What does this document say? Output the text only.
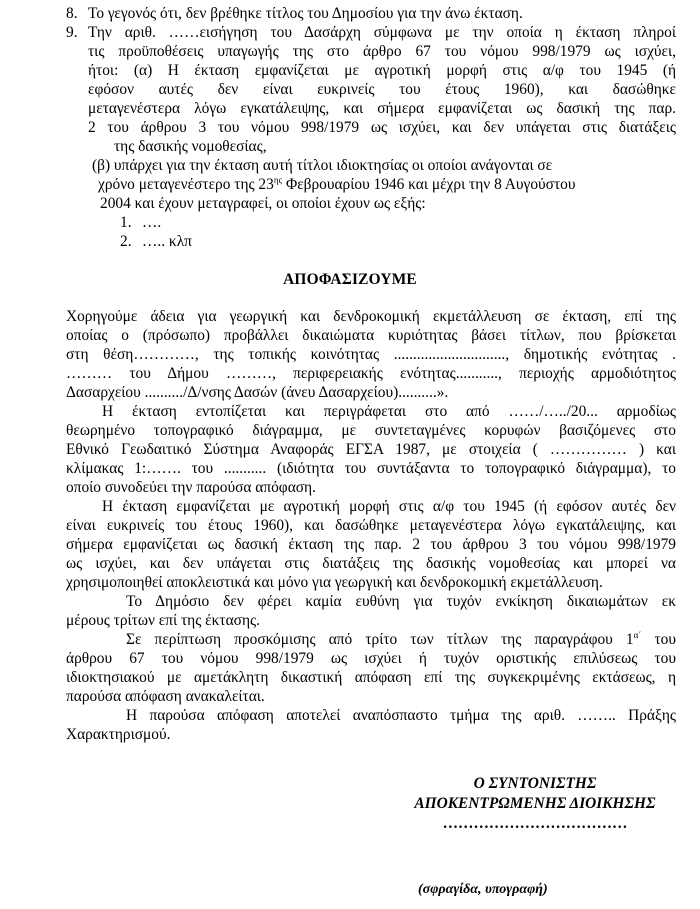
8. Το γεγονός ότι, δεν βρέθηκε τίτλος του Δημοσίου για την άνω έκταση.
9. Την αριθ. ……εισήγηση του Δασάρχη σύμφωνα με την οποία η έκταση πληροί
τις προϋποθέσεις υπαγωγής της στο άρθρο 67 του νόμου 998/1979 ως ισχύει,
ήτοι: (α) Η έκταση εμφανίζεται με αγροτική μορφή στις α/φ του 1945 (ή
εφόσον αυτές δεν είναι ευκρινείς του έτους 1960), και δασώθηκε
μεταγενέστερα λόγω εγκατάλειψης, και σήμερα εμφανίζεται ως δασική της παρ.
2 του άρθρου 3 του νόμου 998/1979 ως ισχύει, και δεν υπάγεται στις διατάξεις
της δασικής νομοθεσίας,
(β) υπάρχει για την έκταση αυτή τίτλοι ιδιοκτησίας οι οποίοι ανάγονται σε
χρόνο μεταγενέστερο της $23^{\eta\varsigma}$ Φεβρουαρίου 1946 και μέχρι την 8 Αυγούστου
2004 και έχουν μεταγραφεί, οι οποίοι έχουν ως εξής:
1. ….
2. ….. κλπ
ΑΠΟΦΑΣΙΖΟΥΜΕ
Χορηγούμε άδεια για γεωργική και δενδροκομική εκμετάλλευση σε έκταση, επί της
οποίας ο (πρόσωπο) προβάλλει δικαιώματα κυριότητας βάσει τίτλων, που βρίσκεται
στη θέση…………, της τοπικής κοινότητας ............................., δημοτικής ενότητας .
……… του Δήμου ………, περιφερειακής ενότητας..........., περιοχής αρμοδιότητος
Δασαρχείου ........../Δ/νσης Δασών (άνευ Δασαρχείου)..........».
Η έκταση εντοπίζεται και περιγράφεται στο από ……/…../20... αρμοδίως
θεωρημένο τοπογραφικό διάγραμμα, με συντεταγμένες κορυφών βασιζόμενες στο
Εθνικό Γεωδαιτικό Σύστημα Αναφοράς ΕΓΣΑ 1987, με στοιχεία ( …………… ) και
κλίμακας 1:……. του ........... (ιδιότητα του συντάξαντα το τοπογραφικό διάγραμμα), το
οποίο συνοδεύει την παρούσα απόφαση.
Η έκταση εμφανίζεται με αγροτική μορφή στις α/φ του 1945 (ή εφόσον αυτές δεν
είναι ευκρινείς του έτους 1960), και δασώθηκε μεταγενέστερα λόγω εγκατάλειψης, και
σήμερα εμφανίζεται ως δασική έκταση της παρ. 2 του άρθρου 3 του νόμου 998/1979
ως ισχύει, και δεν υπάγεται στις διατάξεις της δασικής νομοθεσίας και μπορεί να
χρησιμοποιηθεί αποκλειστικά και μόνο για γεωργική και δενδροκομική εκμετάλλευση.
Το Δημόσιο δεν φέρει καμία ευθύνη για τυχόν ενκίκηση δικαιωμάτων εκ
μέρους τρίτων επί της έκτασης.
Σε περίπτωση προσκόμισης από τρίτο των τίτλων της παραγράφου $1^{\alpha΄}$ του
άρθρου 67 του νόμου 998/1979 ως ισχύει ή τυχόν οριστικής επιλύσεως του
ιδιοκτησιακού με αμετάκλητη δικαστική απόφαση επί της συγκεκριμένης εκτάσεως, η
παρούσα απόφαση ανακαλείται.
Η παρούσα απόφαση αποτελεί αναπόσπαστο τμήμα της αριθ. …….. Πράξης
Χαρακτηρισμού.
Ο ΣΥΝΤΟΝΙΣΤΗΣ
ΑΠΟΚΕΝΤΡΩΜΕΝΗΣ ΔΙΟΙΚΗΣΗΣ
………………………………
(σφραγίδα, υπογραφή)
